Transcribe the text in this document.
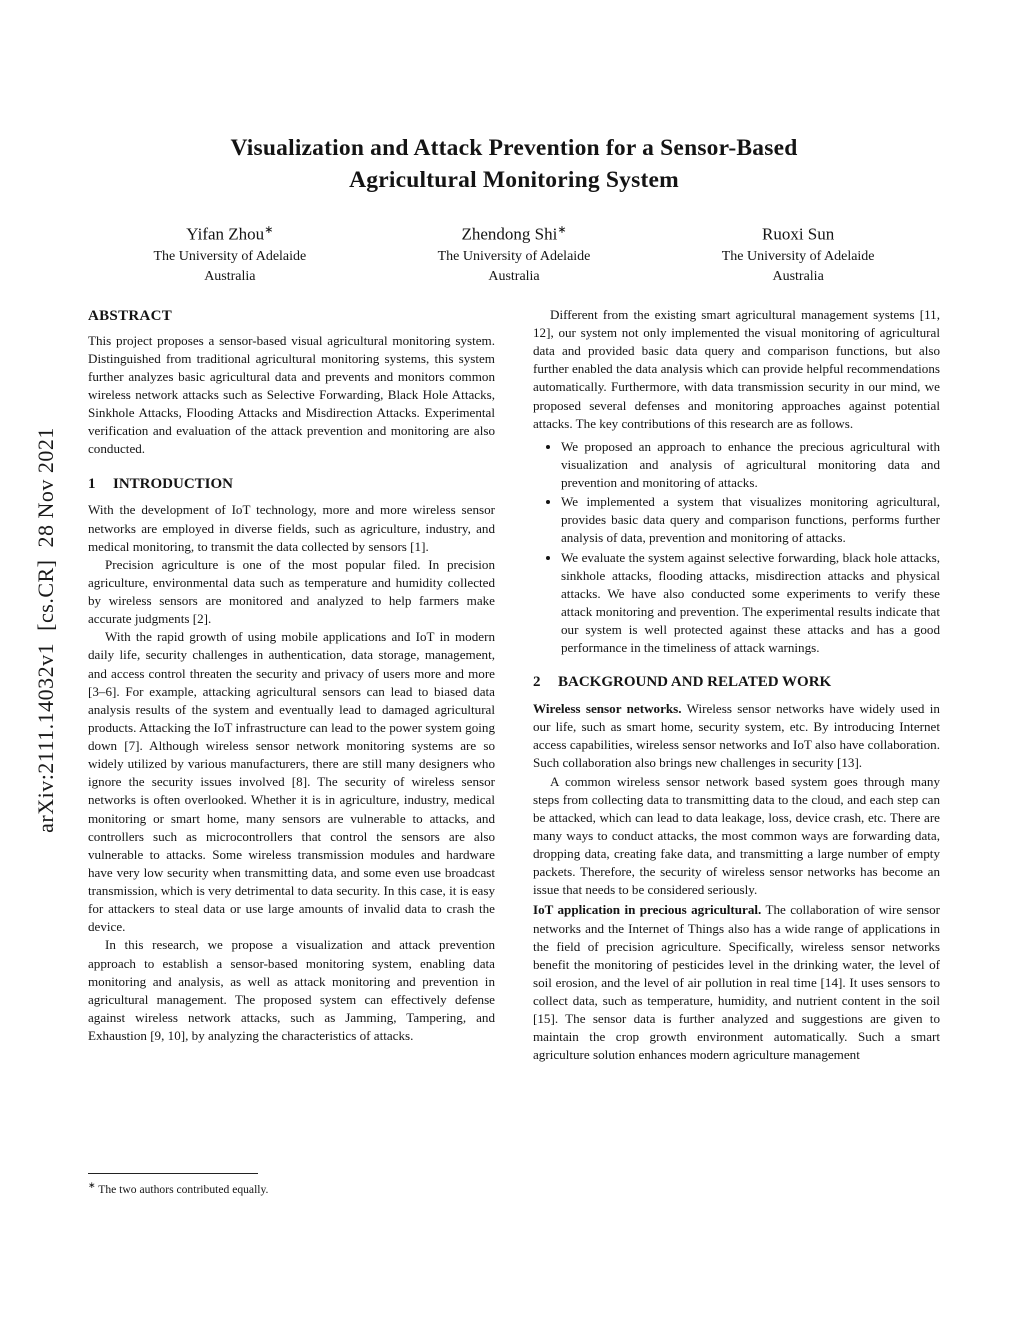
arXiv:2111.14032v1  [cs.CR]  28 Nov 2021
Visualization and Attack Prevention for a Sensor-Based
Agricultural Monitoring System
Yifan Zhou∗
The University of Adelaide
Australia
Zhendong Shi∗
The University of Adelaide
Australia
Ruoxi Sun
The University of Adelaide
Australia
ABSTRACT

This project proposes a sensor-based visual agricultural monitoring system. Distinguished from traditional agricultural monitoring systems, this system further analyzes basic agricultural data and prevents and monitors common wireless network attacks such as Selective Forwarding, Black Hole Attacks, Sinkhole Attacks, Flooding Attacks and Misdirection Attacks. Experimental verification and evaluation of the attack prevention and monitoring are also conducted.

1 INTRODUCTION

With the development of IoT technology, more and more wireless sensor networks are employed in diverse fields, such as agriculture, industry, and medical monitoring, to transmit the data collected by sensors [1].

Precision agriculture is one of the most popular filed. In precision agriculture, environmental data such as temperature and humidity collected by wireless sensors are monitored and analyzed to help farmers make accurate judgments [2].

With the rapid growth of using mobile applications and IoT in modern daily life, security challenges in authentication, data storage, management, and access control threaten the security and privacy of users more and more [3–6]. For example, attacking agricultural sensors can lead to biased data analysis results of the system and eventually lead to damaged agricultural products. Attacking the IoT infrastructure can lead to the power system going down [7]. Although wireless sensor network monitoring systems are so widely utilized by various manufacturers, there are still many designers who ignore the security issues involved [8]. The security of wireless sensor networks is often overlooked. Whether it is in agriculture, industry, medical monitoring or smart home, many sensors are vulnerable to attacks, and controllers such as microcontrollers that control the sensors are also vulnerable to attacks. Some wireless transmission modules and hardware have very low security when transmitting data, and some even use broadcast transmission, which is very detrimental to data security. In this case, it is easy for attackers to steal data or use large amounts of invalid data to crash the device.

In this research, we propose a visualization and attack prevention approach to establish a sensor-based monitoring system, enabling data monitoring and analysis, as well as attack monitoring and prevention in agricultural management. The proposed system can effectively defense against wireless network attacks, such as Jamming, Tampering, and Exhaustion [9, 10], by analyzing the characteristics of attacks.

∗ The two authors contributed equally.

Different from the existing smart agricultural management systems [11, 12], our system not only implemented the visual monitoring of agricultural data and provided basic data query and comparison functions, but also further enabled the data analysis which can provide helpful recommendations automatically. Furthermore, with data transmission security in our mind, we proposed several defenses and monitoring approaches against potential attacks. The key contributions of this research are as follows.

• We proposed an approach to enhance the precious agricultural with visualization and analysis of agricultural monitoring data and prevention and monitoring of attacks.
• We implemented a system that visualizes monitoring agricultural, provides basic data query and comparison functions, performs further analysis of data, prevention and monitoring of attacks.
• We evaluate the system against selective forwarding, black hole attacks, sinkhole attacks, flooding attacks, misdirection attacks and physical attacks. We have also conducted some experiments to verify these attack monitoring and prevention. The experimental results indicate that our system is well protected against these attacks and has a good performance in the timeliness of attack warnings.
2 BACKGROUND AND RELATED WORK

Wireless sensor networks. Wireless sensor networks have widely used in our life, such as smart home, security system, etc. By introducing Internet access capabilities, wireless sensor networks and IoT also have collaboration. Such collaboration also brings new challenges in security [13].

A common wireless sensor network based system goes through many steps from collecting data to transmitting data to the cloud, and each step can be attacked, which can lead to data leakage, loss, device crash, etc. There are many ways to conduct attacks, the most common ways are forwarding data, dropping data, creating fake data, and transmitting a large number of empty packets. Therefore, the security of wireless sensor networks has become an issue that needs to be considered seriously.

IoT application in precious agricultural. The collaboration of wire sensor networks and the Internet of Things also has a wide range of applications in the field of precision agriculture. Specifically, wireless sensor networks benefit the monitoring of pesticides level in the drinking water, the level of soil erosion, and the level of air pollution in real time [14]. It uses sensors to collect data, such as temperature, humidity, and nutrient content in the soil [15]. The sensor data is further analyzed and suggestions are given to maintain the crop growth environment automatically. Such a smart agriculture solution enhances modern agriculture management
